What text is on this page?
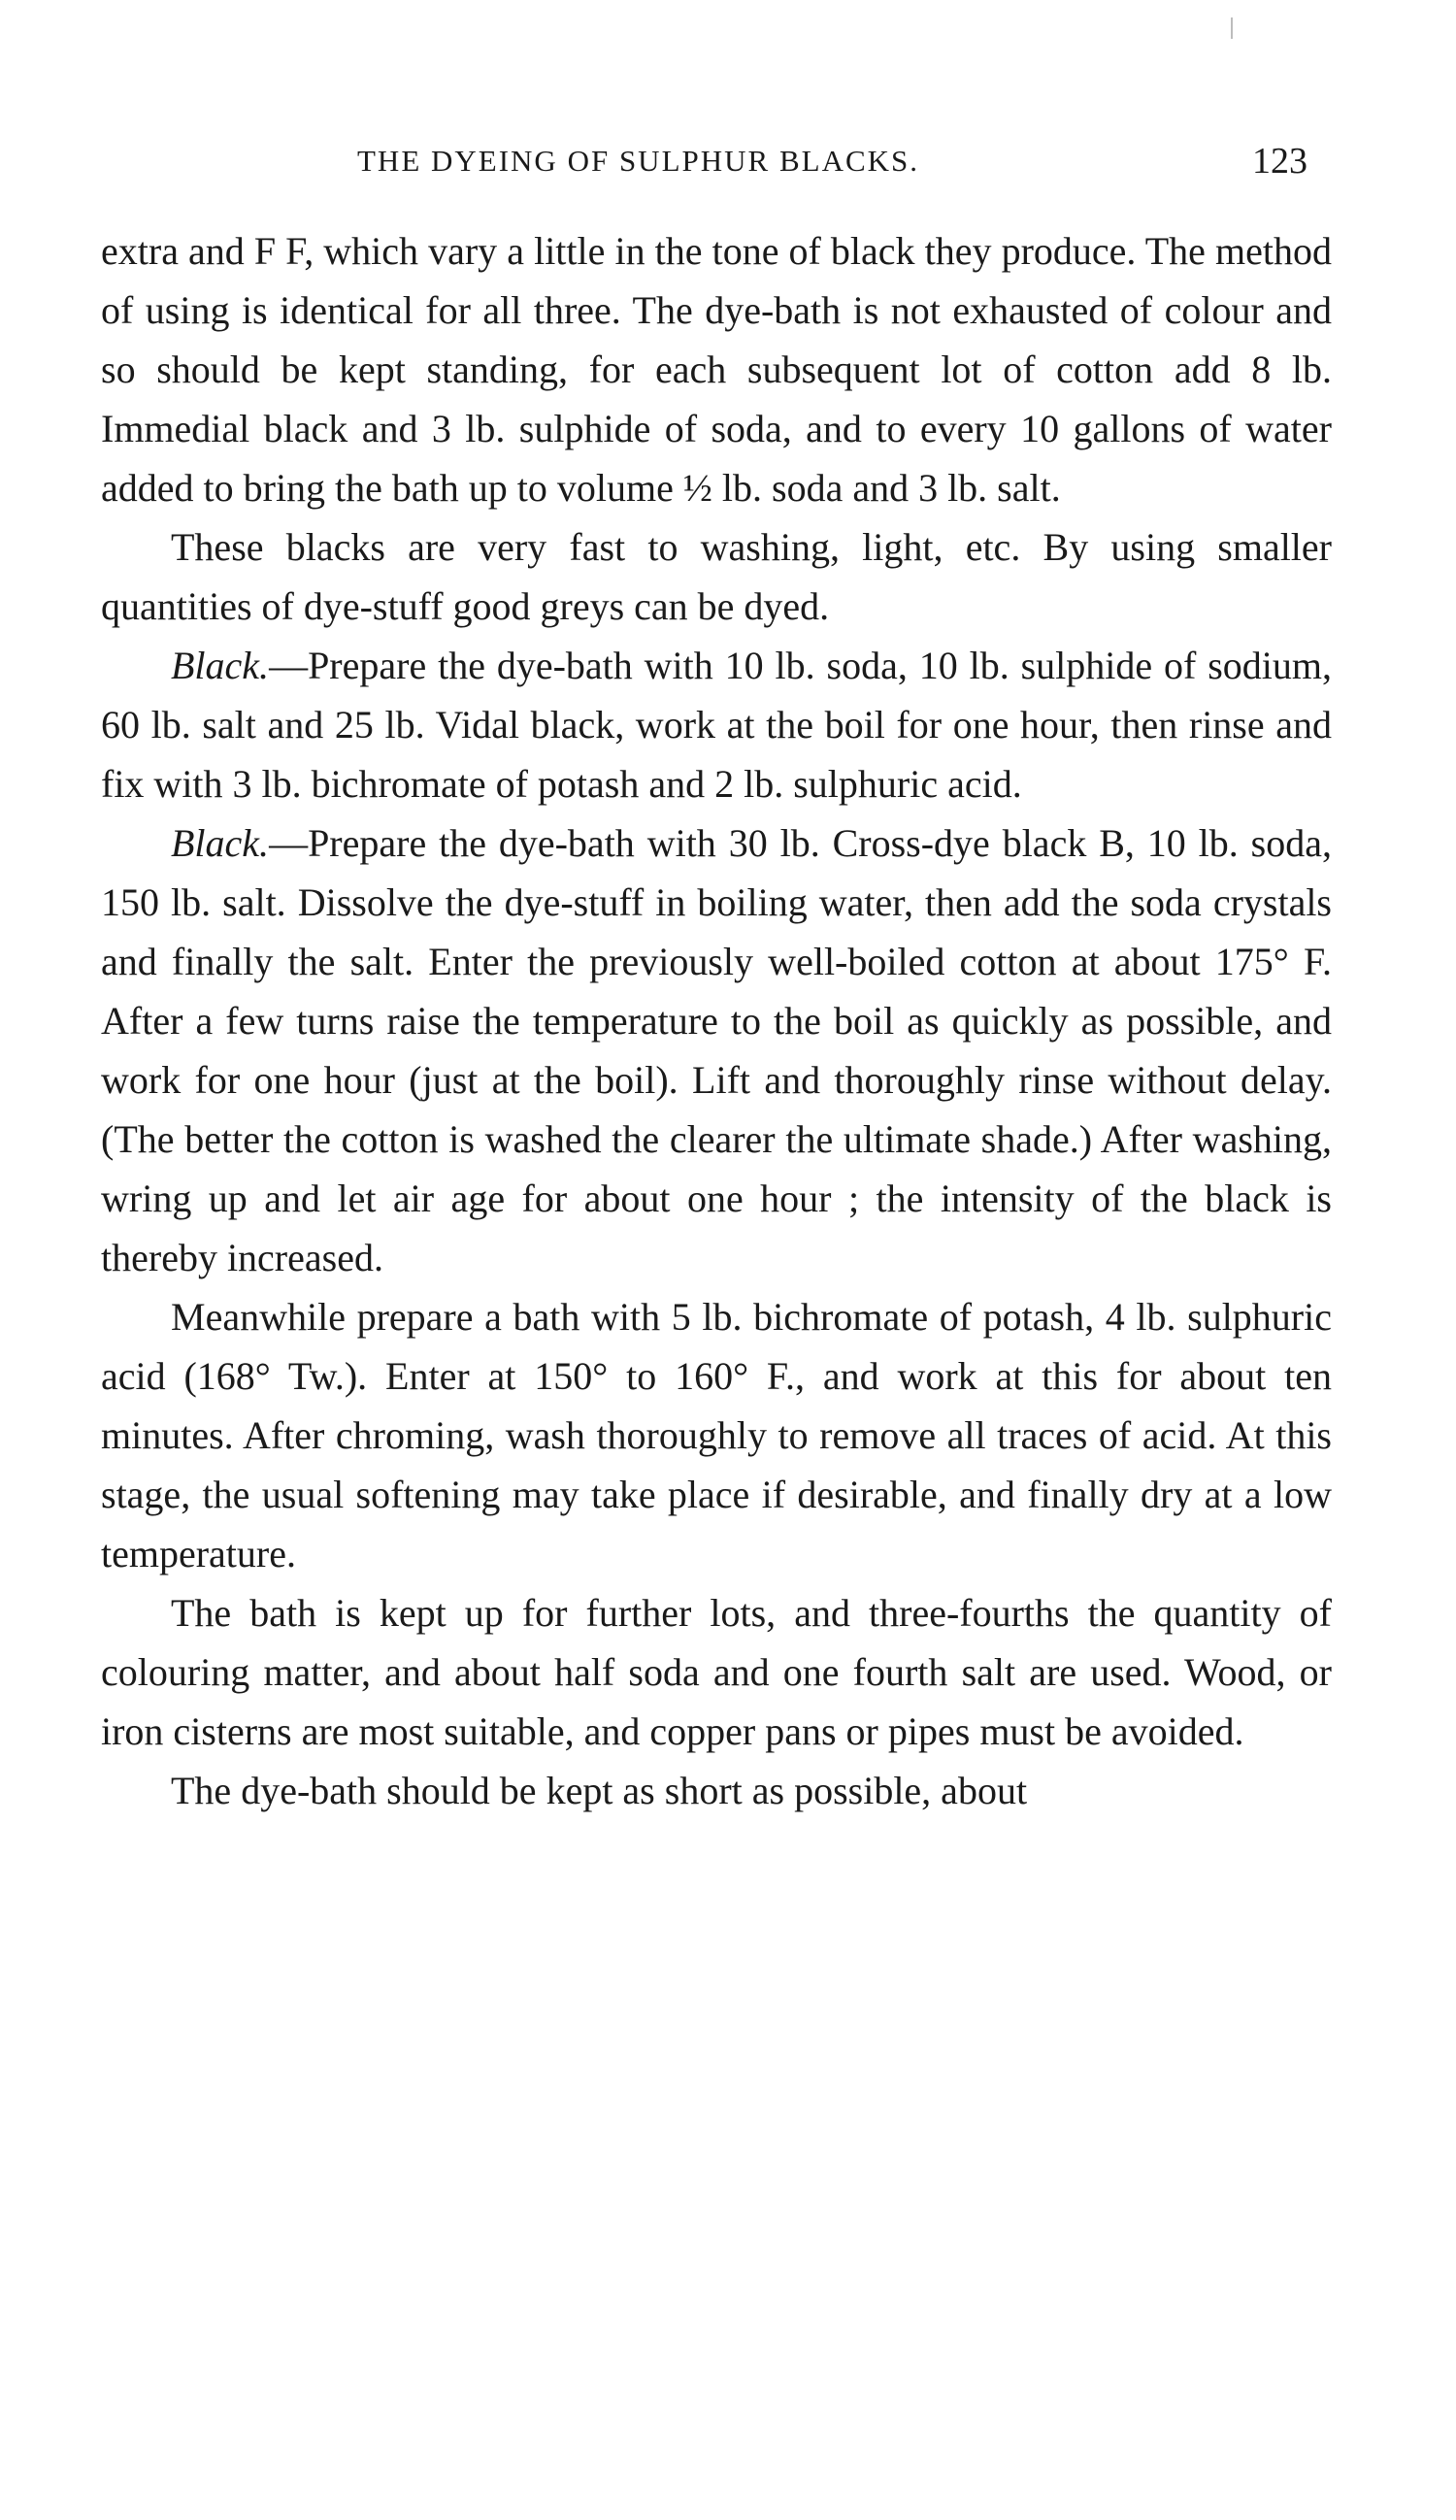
THE DYEING OF SULPHUR BLACKS.	123

extra and F F, which vary a little in the tone of black they produce. The method of using is identical for all three. The dye-bath is not exhausted of colour and so should be kept standing, for each subsequent lot of cotton add 8 lb. Immedial black and 3 lb. sulphide of soda, and to every 10 gallons of water added to bring the bath up to volume ½ lb. soda and 3 lb. salt.

These blacks are very fast to washing, light, etc. By using smaller quantities of dye-stuff good greys can be dyed.

Black.—Prepare the dye-bath with 10 lb. soda, 10 lb. sulphide of sodium, 60 lb. salt and 25 lb. Vidal black, work at the boil for one hour, then rinse and fix with 3 lb. bichromate of potash and 2 lb. sulphuric acid.

Black.—Prepare the dye-bath with 30 lb. Cross-dye black B, 10 lb. soda, 150 lb. salt. Dissolve the dye-stuff in boiling water, then add the soda crystals and finally the salt. Enter the previously well-boiled cotton at about 175° F. After a few turns raise the temperature to the boil as quickly as possible, and work for one hour (just at the boil). Lift and thoroughly rinse without delay. (The better the cotton is washed the clearer the ultimate shade.) After washing, wring up and let air age for about one hour ; the intensity of the black is thereby increased.

Meanwhile prepare a bath with 5 lb. bichromate of potash, 4 lb. sulphuric acid (168° Tw.). Enter at 150° to 160° F., and work at this for about ten minutes. After chroming, wash thoroughly to remove all traces of acid. At this stage, the usual softening may take place if desirable, and finally dry at a low temperature.

The bath is kept up for further lots, and three-fourths the quantity of colouring matter, and about half soda and one fourth salt are used. Wood, or iron cisterns are most suitable, and copper pans or pipes must be avoided.

The dye-bath should be kept as short as possible, about
